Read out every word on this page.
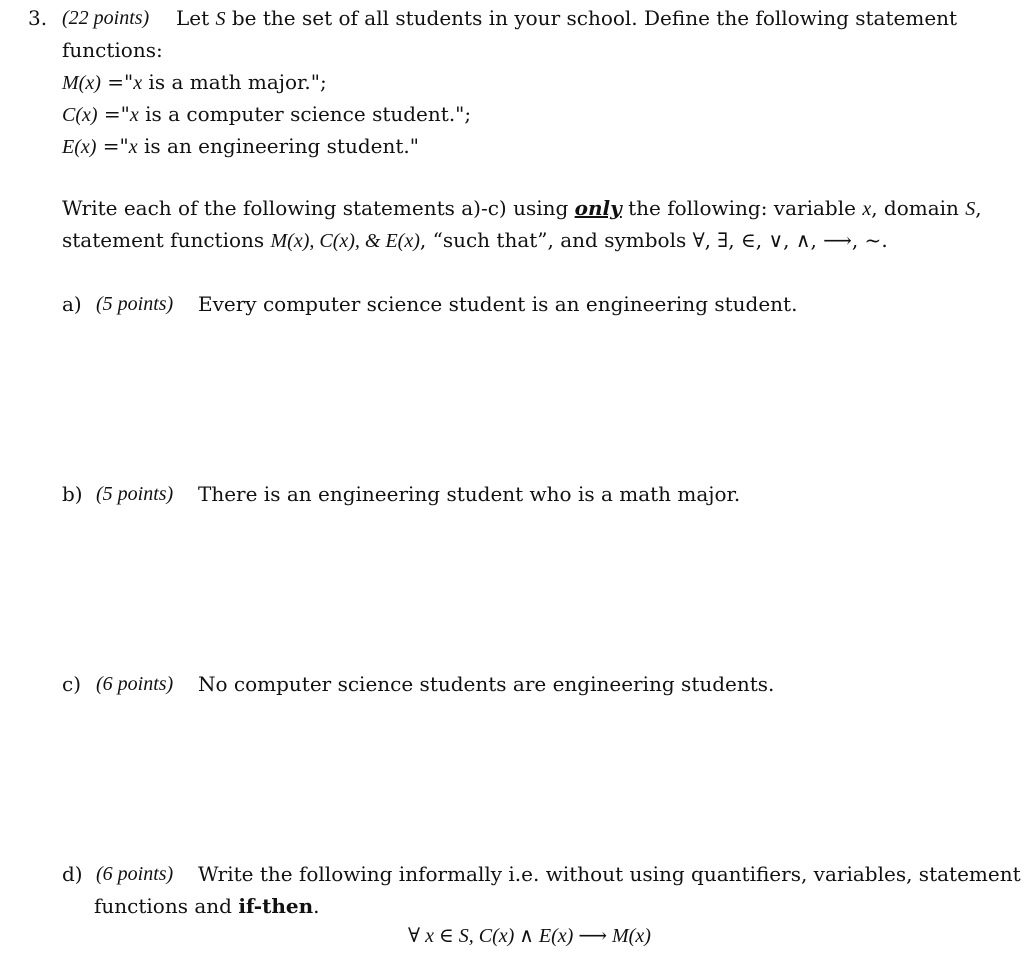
3. (22 points) Let S be the set of all students in your school. Define the following statement
functions:
M(x) ="x is a math major.";
C(x) ="x is a computer science student.";
E(x) ="x is an engineering student."
Write each of the following statements a)-c) using only the following: variable x, domain S,
statement functions M(x), C(x), & E(x), “such that”, and symbols ∀, ∃, ∈, ∨, ∧, ⟶, ~.
a) (5 points) Every computer science student is an engineering student.
b) (5 points) There is an engineering student who is a math major.
c) (6 points) No computer science students are engineering students.
d) (6 points) Write the following informally i.e. without using quantifiers, variables, statement
functions and if-then.
∀ x ∈ S, C(x) ∧ E(x) ⟶ M(x)
